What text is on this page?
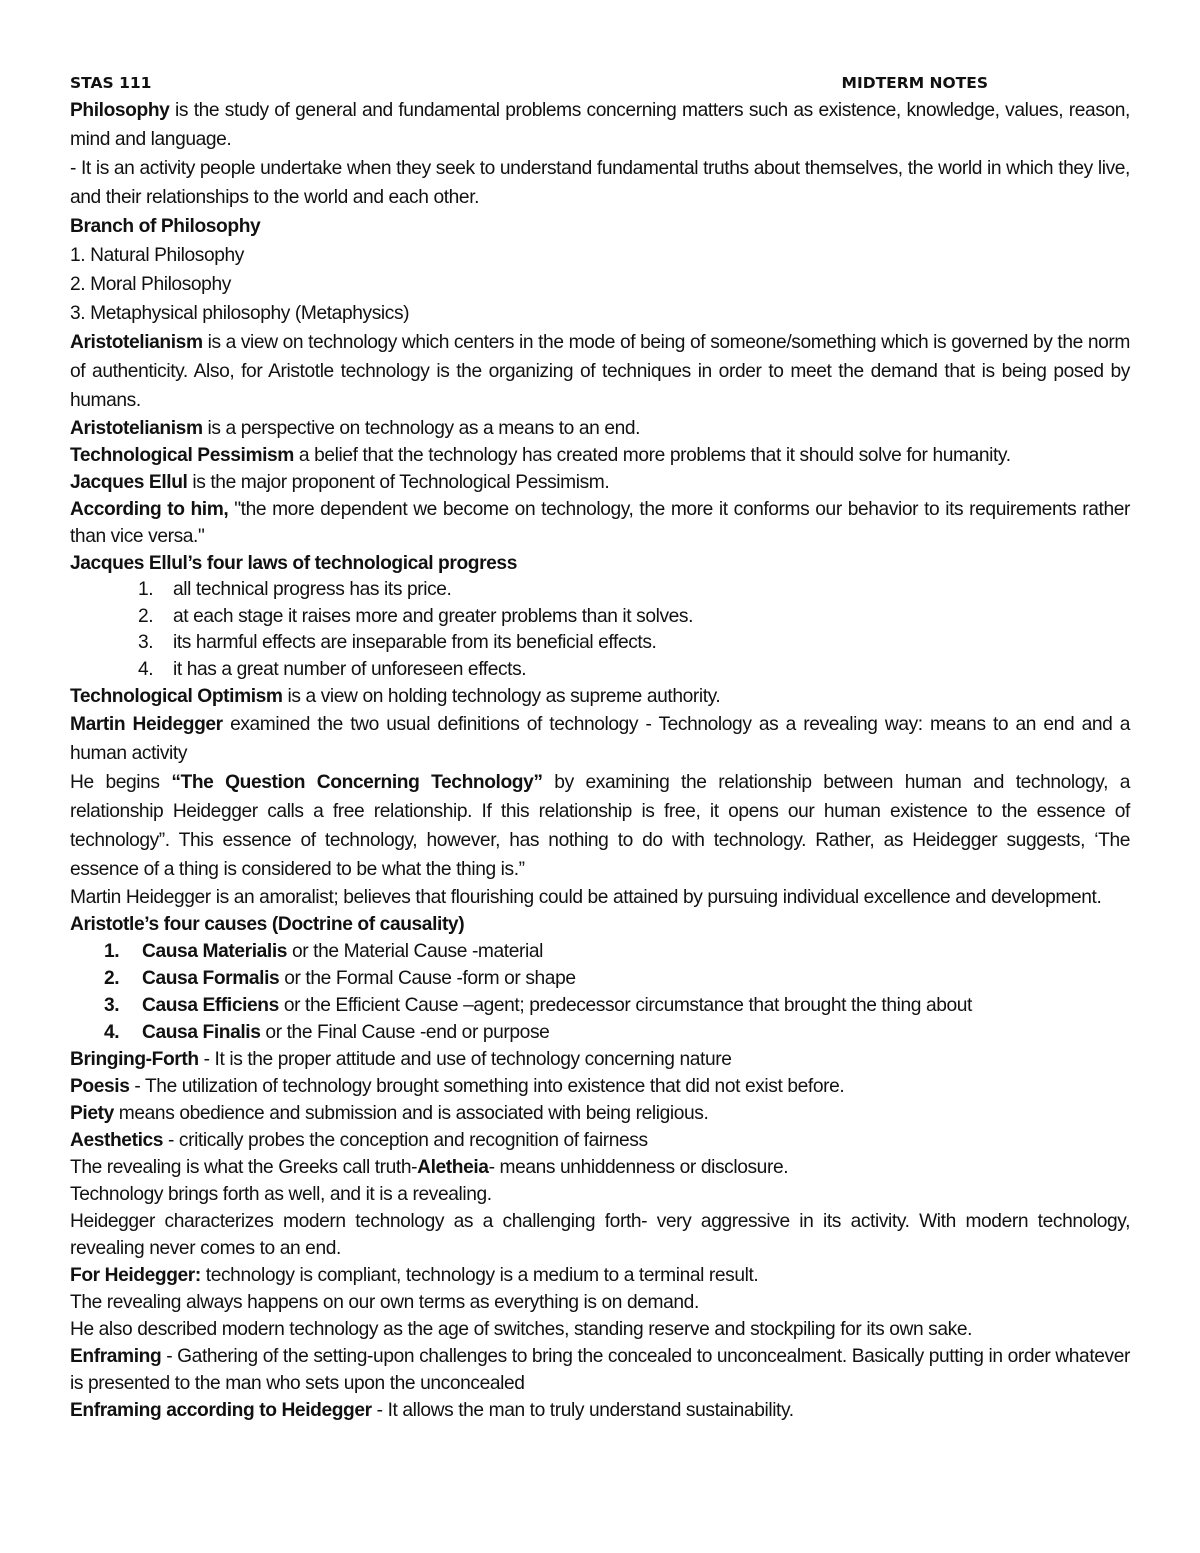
STAS 111	MIDTERM NOTES

Philosophy is the study of general and fundamental problems concerning matters such as existence, knowledge, values, reason, mind and language.

- It is an activity people undertake when they seek to understand fundamental truths about themselves, the world in which they live, and their relationships to the world and each other.

Branch of Philosophy

1. Natural Philosophy

2. Moral Philosophy

3. Metaphysical philosophy (Metaphysics)

Aristotelianism is a view on technology which centers in the mode of being of someone/something which is governed by the norm of authenticity. Also, for Aristotle technology is the organizing of techniques in order to meet the demand that is being posed by humans.

Aristotelianism is a perspective on technology as a means to an end.

Technological Pessimism a belief that the technology has created more problems that it should solve for humanity.

Jacques Ellul is the major proponent of Technological Pessimism.

According to him, "the more dependent we become on technology, the more it conforms our behavior to its requirements rather than vice versa."

Jacques Ellul’s four laws of technological progress

1.	all technical progress has its price.
2.	at each stage it raises more and greater problems than it solves.
3.	its harmful effects are inseparable from its beneficial effects.
4.	it has a great number of unforeseen effects.

Technological Optimism is a view on holding technology as supreme authority.

Martin Heidegger examined the two usual definitions of technology - Technology as a revealing way: means to an end and a human activity

He begins “The Question Concerning Technology” by examining the relationship between human and technology, a relationship Heidegger calls a free relationship. If this relationship is free, it opens our human existence to the essence of technology”. This essence of technology, however, has nothing to do with technology. Rather, as Heidegger suggests, ‘The essence of a thing is considered to be what the thing is.”

Martin Heidegger is an amoralist; believes that flourishing could be attained by pursuing individual excellence and development.

Aristotle’s four causes (Doctrine of causality)

1.	Causa Materialis or the Material Cause -material
2.	Causa Formalis or the Formal Cause -form or shape
3.	Causa Efficiens or the Efficient Cause –agent; predecessor circumstance that brought the thing about
4.	Causa Finalis or the Final Cause -end or purpose

Bringing-Forth - It is the proper attitude and use of technology concerning nature

Poesis - The utilization of technology brought something into existence that did not exist before.

Piety means obedience and submission and is associated with being religious.

Aesthetics - critically probes the conception and recognition of fairness

The revealing is what the Greeks call truth-Aletheia- means unhiddenness or disclosure.

Technology brings forth as well, and it is a revealing.

Heidegger characterizes modern technology as a challenging forth- very aggressive in its activity. With modern technology, revealing never comes to an end.

For Heidegger: technology is compliant, technology is a medium to a terminal result.

The revealing always happens on our own terms as everything is on demand.

He also described modern technology as the age of switches, standing reserve and stockpiling for its own sake.

Enframing - Gathering of the setting-upon challenges to bring the concealed to unconcealment. Basically putting in order whatever is presented to the man who sets upon the unconcealed

Enframing according to Heidegger - It allows the man to truly understand sustainability.
